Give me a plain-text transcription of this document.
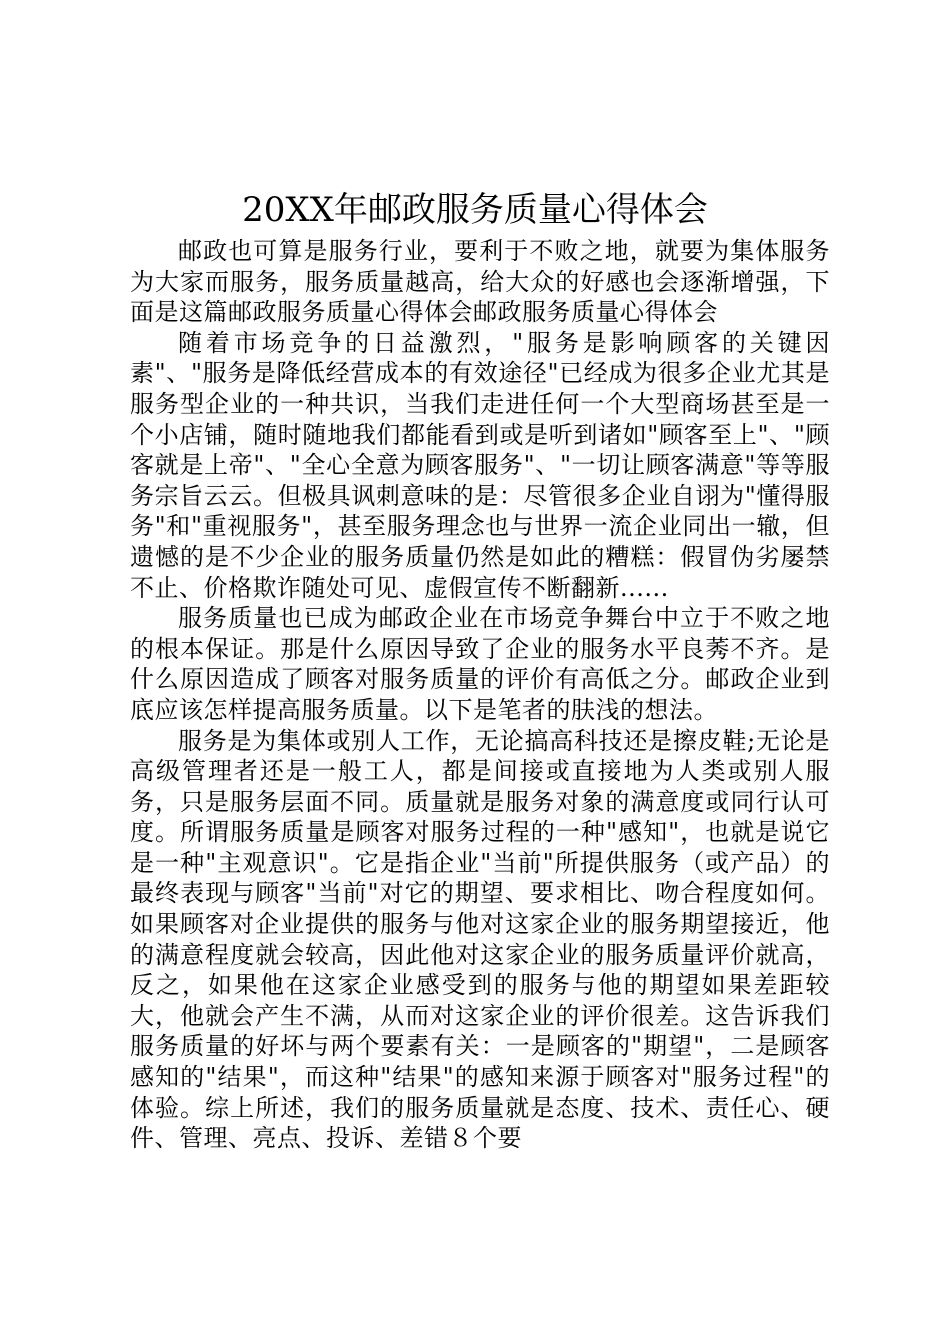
20XX年邮政服务质量心得体会

邮政也可算是服务行业，要利于不败之地，就要为集体服务为大家而服务，服务质量越高，给大众的好感也会逐渐增强，下面是这篇邮政服务质量心得体会邮政服务质量心得体会

随着市场竞争的日益激烈，"服务是影响顾客的关键因素"、"服务是降低经营成本的有效途径"已经成为很多企业尤其是服务型企业的一种共识，当我们走进任何一个大型商场甚至是一个小店铺，随时随地我们都能看到或是听到诸如"顾客至上"、"顾客就是上帝"、"全心全意为顾客服务"、"一切让顾客满意"等等服务宗旨云云。但极具讽刺意味的是：尽管很多企业自诩为"懂得服务"和"重视服务"，甚至服务理念也与世界一流企业同出一辙，但遗憾的是不少企业的服务质量仍然是如此的糟糕：假冒伪劣屡禁不止、价格欺诈随处可见、虚假宣传不断翻新......

服务质量也已成为邮政企业在市场竞争舞台中立于不败之地的根本保证。那是什么原因导致了企业的服务水平良莠不齐。是什么原因造成了顾客对服务质量的评价有高低之分。邮政企业到底应该怎样提高服务质量。以下是笔者的肤浅的想法。

服务是为集体或别人工作，无论搞高科技还是擦皮鞋;无论是高级管理者还是一般工人，都是间接或直接地为人类或别人服务，只是服务层面不同。质量就是服务对象的满意度或同行认可度。所谓服务质量是顾客对服务过程的一种"感知"，也就是说它是一种"主观意识"。它是指企业"当前"所提供服务（或产品）的最终表现与顾客"当前"对它的期望、要求相比、吻合程度如何。如果顾客对企业提供的服务与他对这家企业的服务期望接近，他的满意程度就会较高，因此他对这家企业的服务质量评价就高，反之，如果他在这家企业感受到的服务与他的期望如果差距较大，他就会产生不满，从而对这家企业的评价很差。这告诉我们服务质量的好坏与两个要素有关：一是顾客的"期望"，二是顾客感知的"结果"，而这种"结果"的感知来源于顾客对"服务过程"的体验。综上所述，我们的服务质量就是态度、技术、责任心、硬件、管理、亮点、投诉、差错８个要
